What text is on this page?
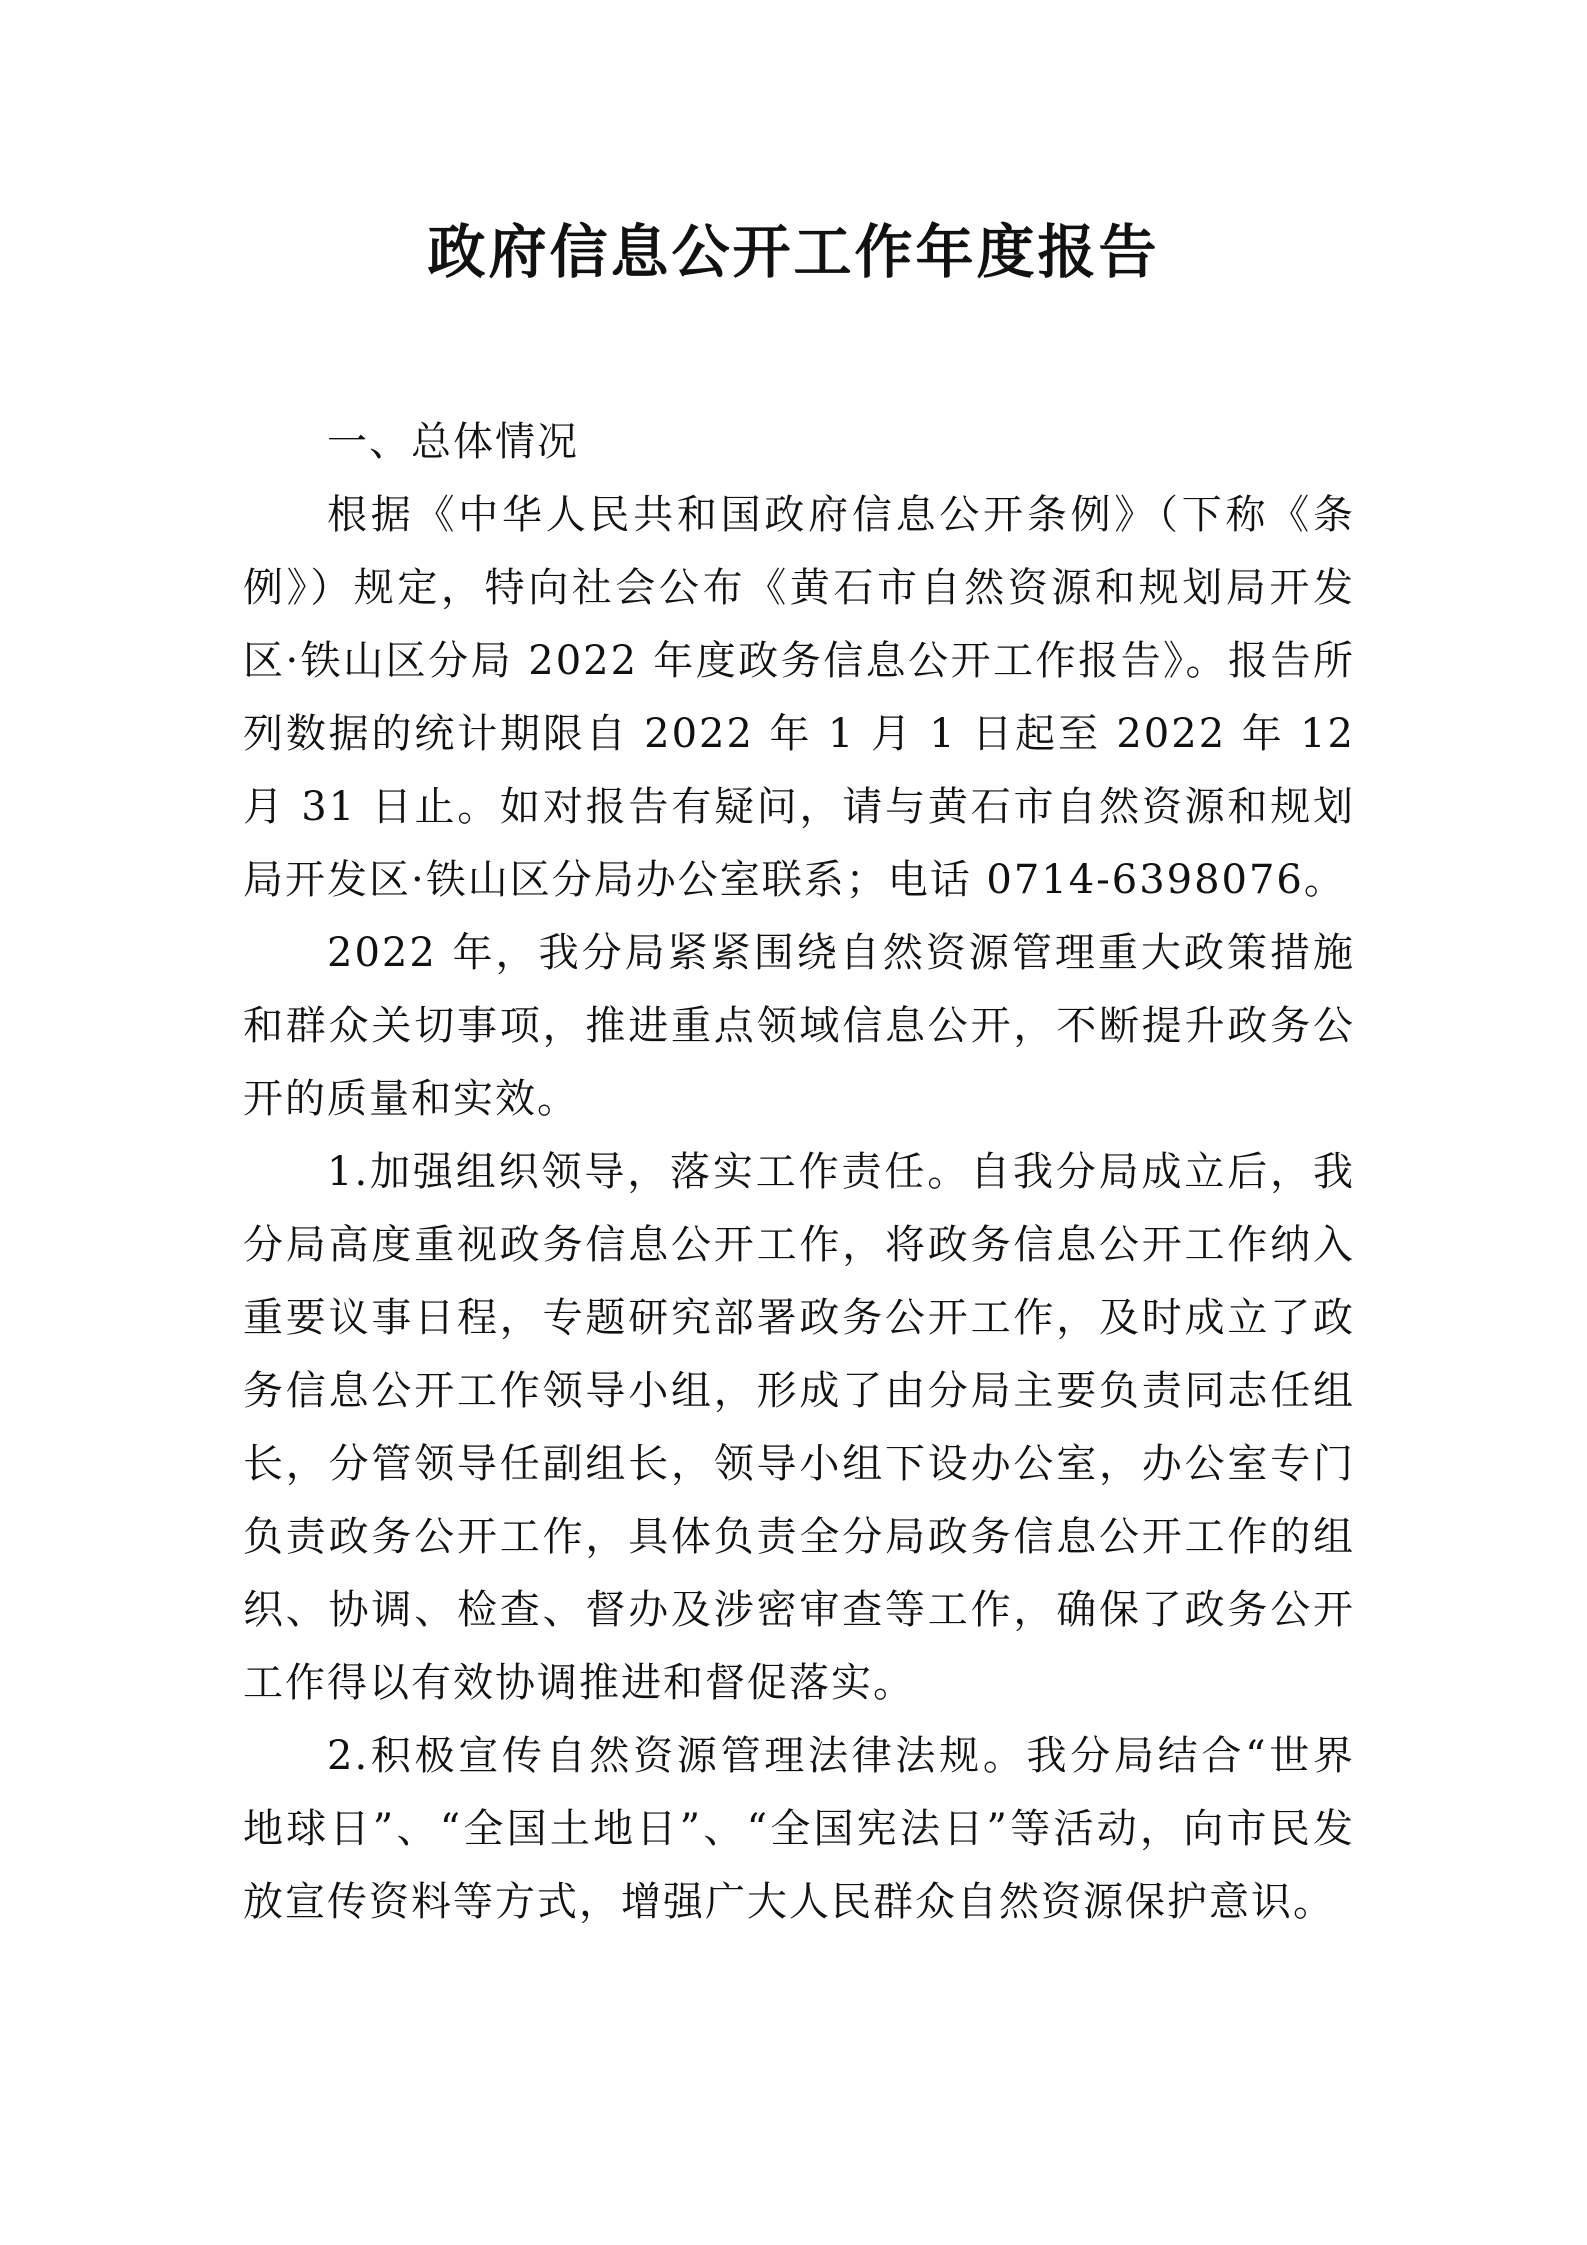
政府信息公开工作年度报告
一、总体情况

根据《中华人民共和国政府信息公开条例》（下称《条例》）规定，特向社会公布《黄石市自然资源和规划局开发区·铁山区分局 2022 年度政务信息公开工作报告》。报告所列数据的统计期限自 2022 年 1 月 1 日起至 2022 年 12 月 31 日止。如对报告有疑问，请与黄石市自然资源和规划局开发区·铁山区分局办公室联系；电话 0714-6398076。

2022 年，我分局紧紧围绕自然资源管理重大政策措施和群众关切事项，推进重点领域信息公开，不断提升政务公开的质量和实效。

1.加强组织领导，落实工作责任。自我分局成立后，我分局高度重视政务信息公开工作，将政务信息公开工作纳入重要议事日程，专题研究部署政务公开工作，及时成立了政务信息公开工作领导小组，形成了由分局主要负责同志任组长，分管领导任副组长，领导小组下设办公室，办公室专门负责政务公开工作，具体负责全分局政务信息公开工作的组织、协调、检查、督办及涉密审查等工作，确保了政务公开工作得以有效协调推进和督促落实。

2.积极宣传自然资源管理法律法规。我分局结合“世界地球日”、“全国土地日”、“全国宪法日”等活动，向市民发放宣传资料等方式，增强广大人民群众自然资源保护意识。
